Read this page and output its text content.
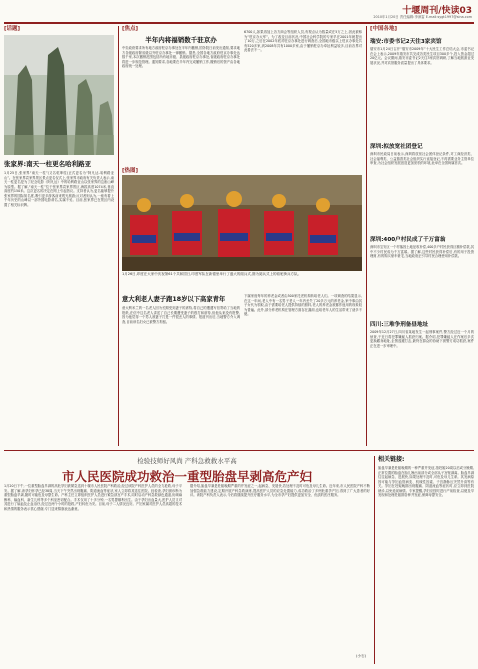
十堰周刊/快读03
2010年1月20日 责任编辑:李润雷 E-mail:sygt1997@sina.com
[话题]
张家界:南天一柱更名哈利路亚
1月25日,张家界“南天一柱”(又名乾坤柱)正式更名为“阿凡达-哈利路亚山”。在张家界袁家界景区景点更名仪式上,张家界市政府有关负责人表示,南天一柱更名是为了纪念电影《阿凡达》中的哈利路亚山以张家界的这座山峰为原型。据了解,“南天一柱”位于张家界袁家界景区,海拔高度1074米,垂直高度约150米。这次更名的决定在网上引起热议。支持者认为,更名能够提升张家界的国际知名度,吸引更多游客前来观光旅游;反对者则认为,一座有着上千年历史的山峰以一部外国电影命名,实属不妥。目前,张家界已在景区内设置了相关标识牌。
[焦点]
半年内将福销数千驻京办
中央政府要求所有地方政府驻京办事处在半年内撤销,国务院日前发出通知,要求地方各级政府除省级以外驻京办事处一律撤销。据悉,全国各地方政府驻京办事处达数千家,本次撤销范围包括所有地市级、县级政府驻京办事处,省级政府驻京办事处将进一步规范管理。通知要求,各地要在半年内完成撤销工作,撤销后的资产由各地政府统一处理。
6700人,如果再加上各方商会等组织人员,有观点认为数量或在5万之上,因此被称为“驻京办大军”。为了改变目前状况,中国社会科学院的专家早在2001年就提出了10万,之后在2002年底对驻京办事处进行调查后,全国地市级以上驻京办事处共有520多家,到2008年共有1000多家,由于撤销驻京办牵扯利益较多,目前各界对此看法不一。
[热图]
1月26日,印度在大家中庆祝第61个共和国日,印度军队在新德里举行了盛大的阅兵式,图为阅兵式上的骆驼骑兵方队。
意大利老人妻子跑18岁以下高家青年
意大利米兰的一名老人因为长期受到妻子的虐待,将自己的遭遇写信寄给了当地的报纸,在信中这名老人讲述了自己长期遭受妻子的殴打和虐待,但他从来没有报警,因为他觉得一个男人被妻子打是一件很丢人的事情。报道刊出后,当地警方介入调查,目前该名妇女已被警方拘留。
下属家庭每年的养老金或者由500家托老机构转给老人们。一项调查的结果显示,在这一年间,老人中有一名男子老人一年内丢失了20多万元的养老金,家中事由其子女代为领取,由于需要给老人提供持续的照料,老人的养老金被挪作他用的现象较为普遍。此外,部分养老机构在管理方面存在漏洞,也给老年人的生活带来了诸多不便。
[中国各地]
瑞安:市委书记2天往3家宾馆
瑞安市1月24日召开“瑞安市2009年”十大民生工作总结大会,市委书记在会上表示,2009年瑞安市共完成各类民生项目300多个,投入资金超过20亿元。会议期间,瑞安市委书记2天往3家宾馆调研,了解当地旅游业发展状况,并对宾馆服务质量提出了具体要求。
深圳:拟放宽社团登记
深圳市民政局日前表示,深圳将放宽社会团体登记条件,对工商经济类、社会福利类、公益慈善类社会组织实行直接登记,不再需要业务主管单位审查,为社会组织发展创造更加宽松的环境,此举在全国尚属首次。
深圳:400户村民成了千万富翁
深圳市宝安区一个村落因土地征收补偿,400多户村民获得巨额补偿款,其中不少村民成为千万富翁。据了解,这些村民获得补偿后,有的用于投资理财,有的购买豪车豪宅,当地政府正引导村民合理使用补偿款。
四川:三堆争刑备昼地址
2009年12月27日,四川省某地发生一起刑事案件,警方经过近一个月的侦查,于近日将犯罪嫌疑人抓获归案。据介绍,犯罪嫌疑人在作案后多次更换藏身地址,企图逃避打击,最终在群众的协助下被警方成功抓获,案件正在进一步审理中。
检验技师好风尚 产科急救救水平高
市人民医院成功救治一重型胎盘早剥高危产妇
1月20日下午,一位重型胎盘早剥的高危孕妇被紧急送到十堰市人民医院产科救治,经过该院产科医护人员的全力抢救,母子平安。据了解,该孕妇怀孕已经38周,当天下午突然出现腹痛、阴道流血等症状,家人立即将其送往医院。经检查,孕妇被诊断为重型胎盘早剥,随时可能危及母婴生命。产科主任立即组织医护人员进行紧急剖宫产手术,同时启动产科急救绿色通道,协调麻醉科、输血科、新生儿科等多个科室密切配合。手术仅用了十多分钟,一名男婴顺利出生。由于孕妇出血量大,医护人员又对其进行了输血及止血治疗,经过近两个小时的抢救,产妇转危为安。目前,母子二人情况良好。产妇家属对医护人员高超的技术和热情的服务表示衷心感谢,专门送来锦旗表达谢意。
据介绍,胎盘早剥是妊娠晚期严重的并发症之一,起病急、发展快,若处理不及时可危及母儿生命。近年来,市人民医院产科不断加强急救能力建设,定期开展产科急救演练,提高医护人员的应急处置能力,成功救治了多例危重孕产妇,得到了广大患者的好评。该院产科负责人表示,今后将继续提升医疗服务水平,为全市孕产妇提供更加安全、优质的医疗服务。
(小石)
相关链接:
胎盘早剥是妊娠晚期的一种严重并发症,指妊娠20周以后或分娩期,正常位置的胎盘在胎儿娩出前部分或全部从子宫壁剥离。胎盘早剥往往起病急、进展快,如果处理不及时,可危及母儿生命。其发病原因可能与孕妇血管病变、机械性因素、子宫静脉压突然升高等有关。孕妇在妊娠晚期出现腹痛、阴道流血等症状时,应立即到医院就诊,以免延误病情。专家提醒,孕妇应按时进行产前检查,以便及早发现和处理妊娠期各种并发症,保障母婴安全。
